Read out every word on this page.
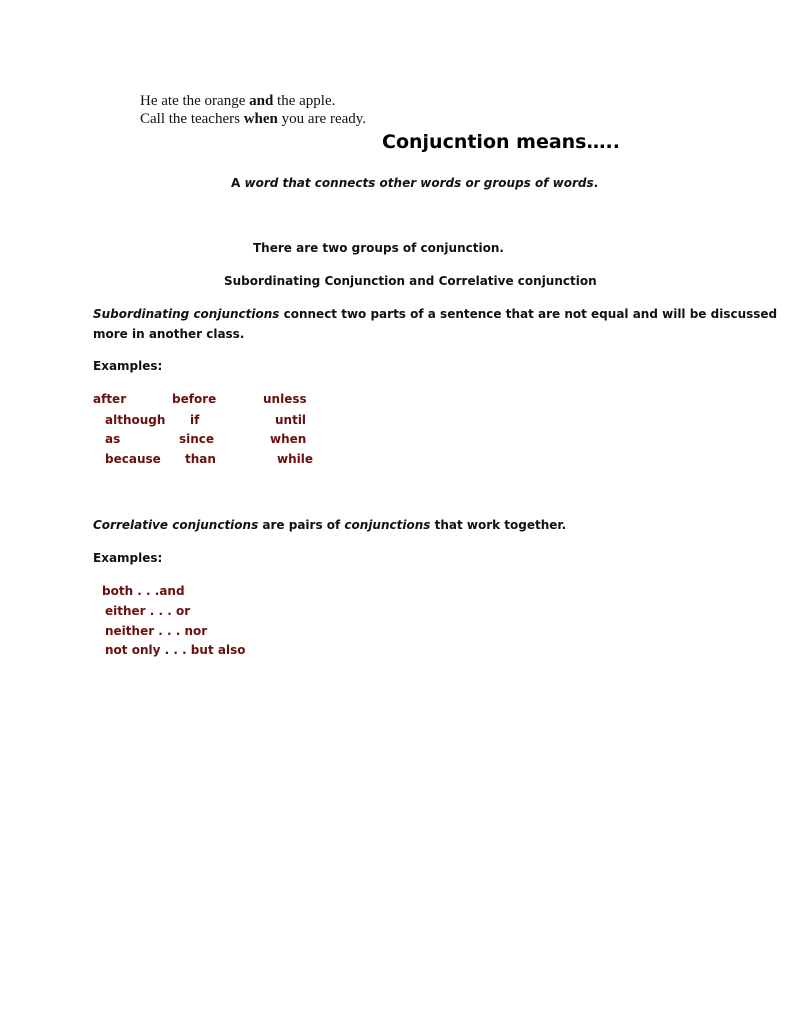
He ate the orange and the apple.
Call the teachers when you are ready.
Conjucntion means…..
A word that connects other words or groups of words.
There are two groups of conjunction.
Subordinating Conjunction and Correlative conjunction
Subordinating conjunctions connect two parts of a sentence that are not equal and will be discussed
more in another class.
Examples:
after	before	unless
although if	until
as	since	when
because than	while
Correlative conjunctions are pairs of conjunctions that work together.
Examples:
both . . .and
either . . . or
neither . . . nor
not only . . . but also
